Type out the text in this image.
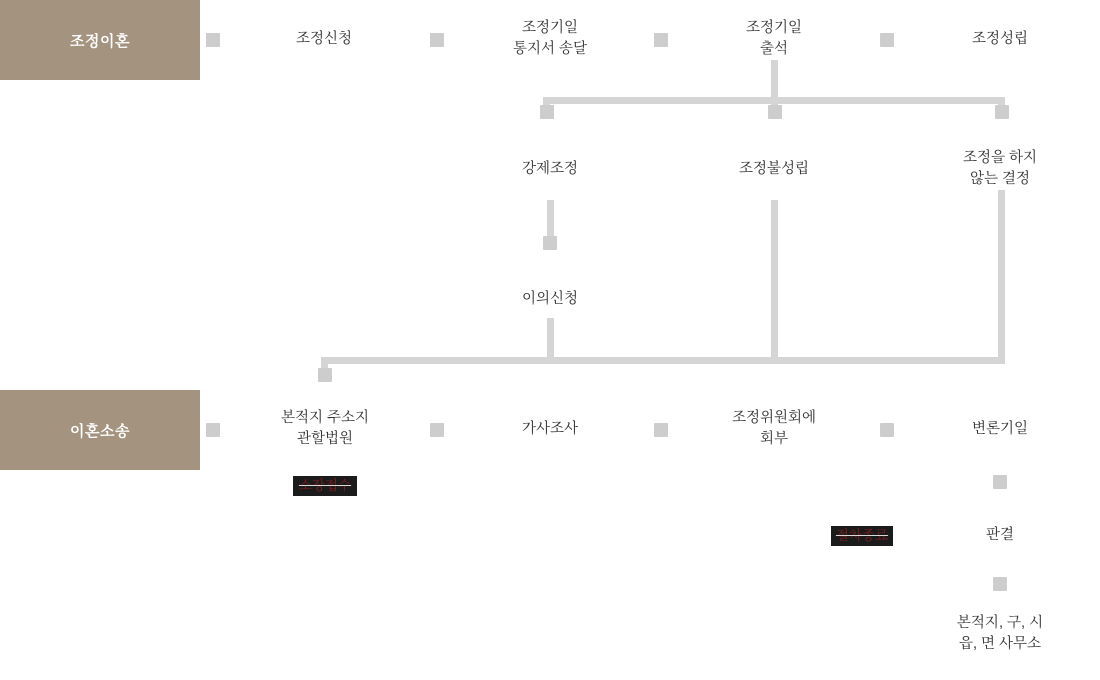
조정이혼
이혼소송
조정신청
조정기일
통지서 송달
조정기일
출석
조정성립
강제조정	조정불성립
조정을 하지
않는 결정
이의신청
본적지 주소지
관할법원
가사조사
조정위원회에
회부
변론기일
소장접수
절차종료	판결
본적지, 구, 시
읍, 면 사무소
